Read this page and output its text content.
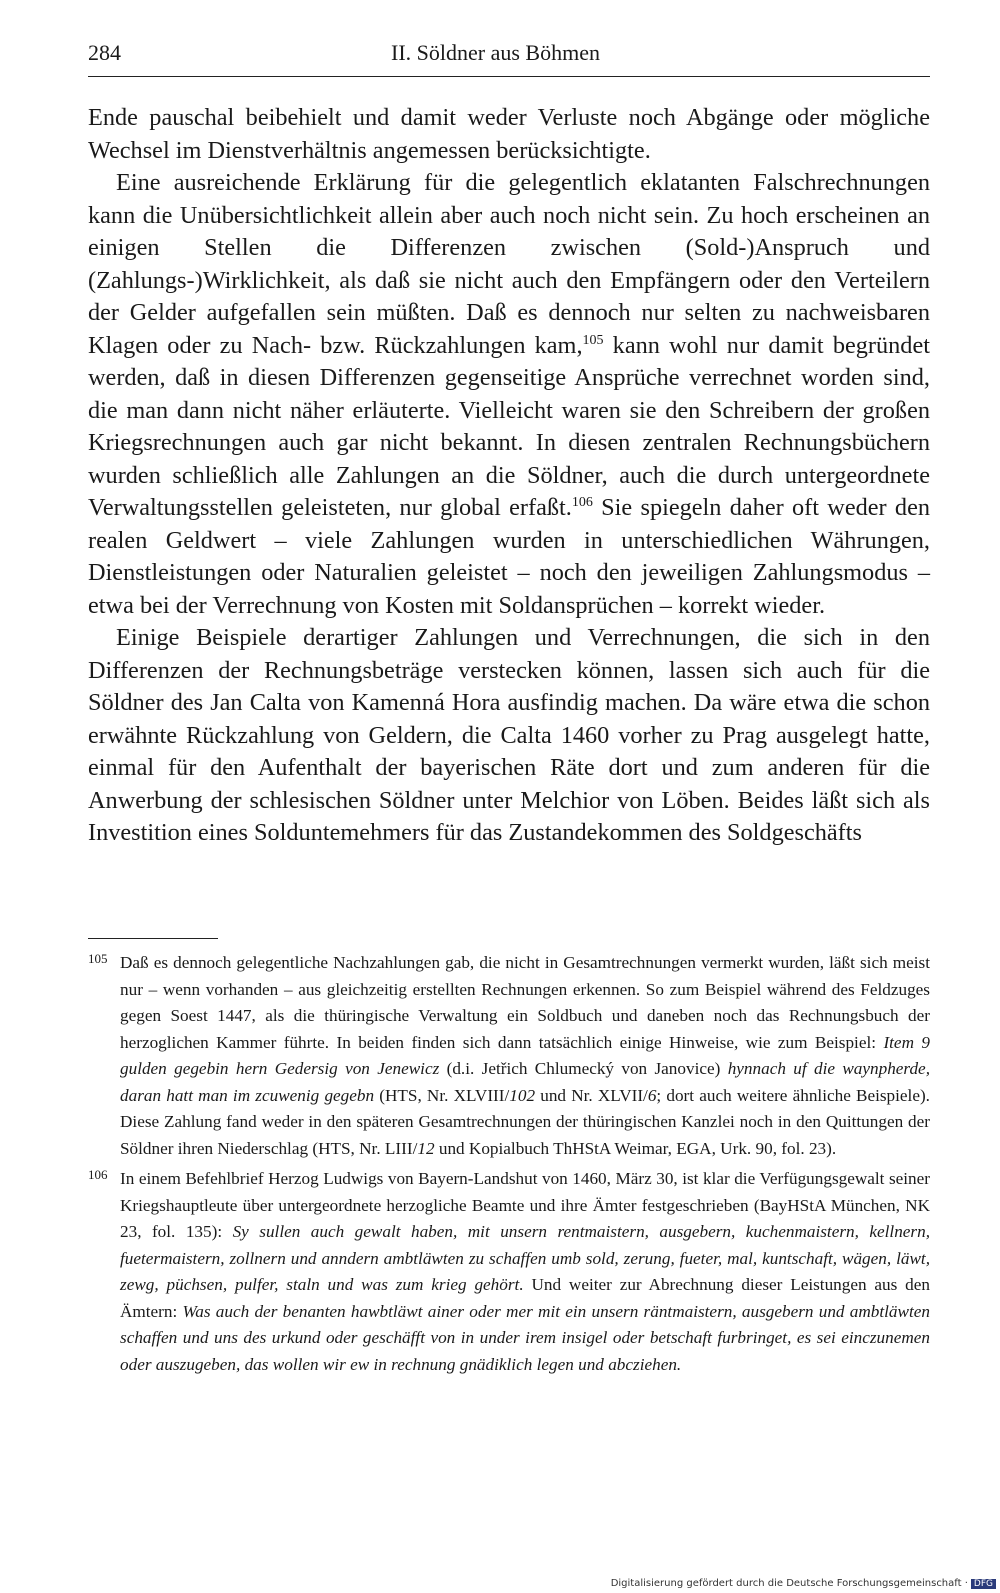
284	II. Söldner aus Böhmen

Ende pauschal beibehielt und damit weder Verluste noch Abgänge oder mögliche Wechsel im Dienstverhältnis angemessen berücksichtigte.

Eine ausreichende Erklärung für die gelegentlich eklatanten Falschrechnungen kann die Unübersichtlichkeit allein aber auch noch nicht sein. Zu hoch erscheinen an einigen Stellen die Differenzen zwischen (Sold-)Anspruch und (Zahlungs-)Wirklichkeit, als daß sie nicht auch den Empfängern oder den Verteilern der Gelder aufgefallen sein müßten. Daß es dennoch nur selten zu nachweisbaren Klagen oder zu Nach- bzw. Rückzahlungen kam,$^{105}$ kann wohl nur damit begründet werden, daß in diesen Differenzen gegenseitige Ansprüche verrechnet worden sind, die man dann nicht näher erläuterte. Vielleicht waren sie den Schreibern der großen Kriegsrechnungen auch gar nicht bekannt. In diesen zentralen Rechnungsbüchern wurden schließlich alle Zahlungen an die Söldner, auch die durch untergeordnete Verwaltungsstellen geleisteten, nur global erfaßt.$^{106}$ Sie spiegeln daher oft weder den realen Geldwert – viele Zahlungen wurden in unterschiedlichen Währungen, Dienstleistungen oder Naturalien geleistet – noch den jeweiligen Zahlungsmodus – etwa bei der Verrechnung von Kosten mit Soldansprüchen – korrekt wieder.

Einige Beispiele derartiger Zahlungen und Verrechnungen, die sich in den Differenzen der Rechnungsbeträge verstecken können, lassen sich auch für die Söldner des Jan Calta von Kamenná Hora ausfindig machen. Da wäre etwa die schon erwähnte Rückzahlung von Geldern, die Calta 1460 vorher zu Prag ausgelegt hatte, einmal für den Aufenthalt der bayerischen Räte dort und zum anderen für die Anwerbung der schlesischen Söldner unter Melchior von Löben. Beides läßt sich als Investition eines Solduntemehmers für das Zustandekommen des Soldgeschäfts

105 Daß es dennoch gelegentliche Nachzahlungen gab, die nicht in Gesamtrechnungen vermerkt wurden, läßt sich meist nur – wenn vorhanden – aus gleichzeitig erstellten Rechnungen erkennen. So zum Beispiel während des Feldzuges gegen Soest 1447, als die thüringische Verwaltung ein Soldbuch und daneben noch das Rechnungsbuch der herzoglichen Kammer führte. In beiden finden sich dann tatsächlich einige Hinweise, wie zum Beispiel: Item 9 gulden gegebin hern Gedersig von Jenewicz (d.i. Jetřich Chlumecký von Janovice) hynnach uf die waynpherde, daran hatt man im zcuwenig gegebn (HTS, Nr. XLVIII/102 und Nr. XLVII/6; dort auch weitere ähnliche Beispiele). Diese Zahlung fand weder in den späteren Gesamtrechnungen der thüringischen Kanzlei noch in den Quittungen der Söldner ihren Niederschlag (HTS, Nr. LIII/12 und Kopialbuch ThHStA Weimar, EGA, Urk. 90, fol. 23).

106 In einem Befehlbrief Herzog Ludwigs von Bayern-Landshut von 1460, März 30, ist klar die Verfügungsgewalt seiner Kriegshauptleute über untergeordnete herzogliche Beamte und ihre Ämter festgeschrieben (BayHStA München, NK 23, fol. 135): Sy sullen auch gewalt haben, mit unsern rentmaistern, ausgebern, kuchenmaistern, kellnern, fuetermaistern, zollnern und anndern ambtläwten zu schaffen umb sold, zerung, fueter, mal, kuntschaft, wägen, läwt, zewg, püchsen, pulfer, staln und was zum krieg gehört. Und weiter zur Abrechnung dieser Leistungen aus den Ämtern: Was auch der benanten hawbtläwt ainer oder mer mit ein unsern räntmaistern, ausgebern und ambtläwten schaffen und uns des urkund oder geschäfft von in under irem insigel oder betschaft furbringet, es sei einczunemen oder auszugeben, das wollen wir ew in rechnung gnädiklich legen und abcziehen.

Digitalisierung gefördert durch die Deutsche Forschungsgemeinschaft · DFG
